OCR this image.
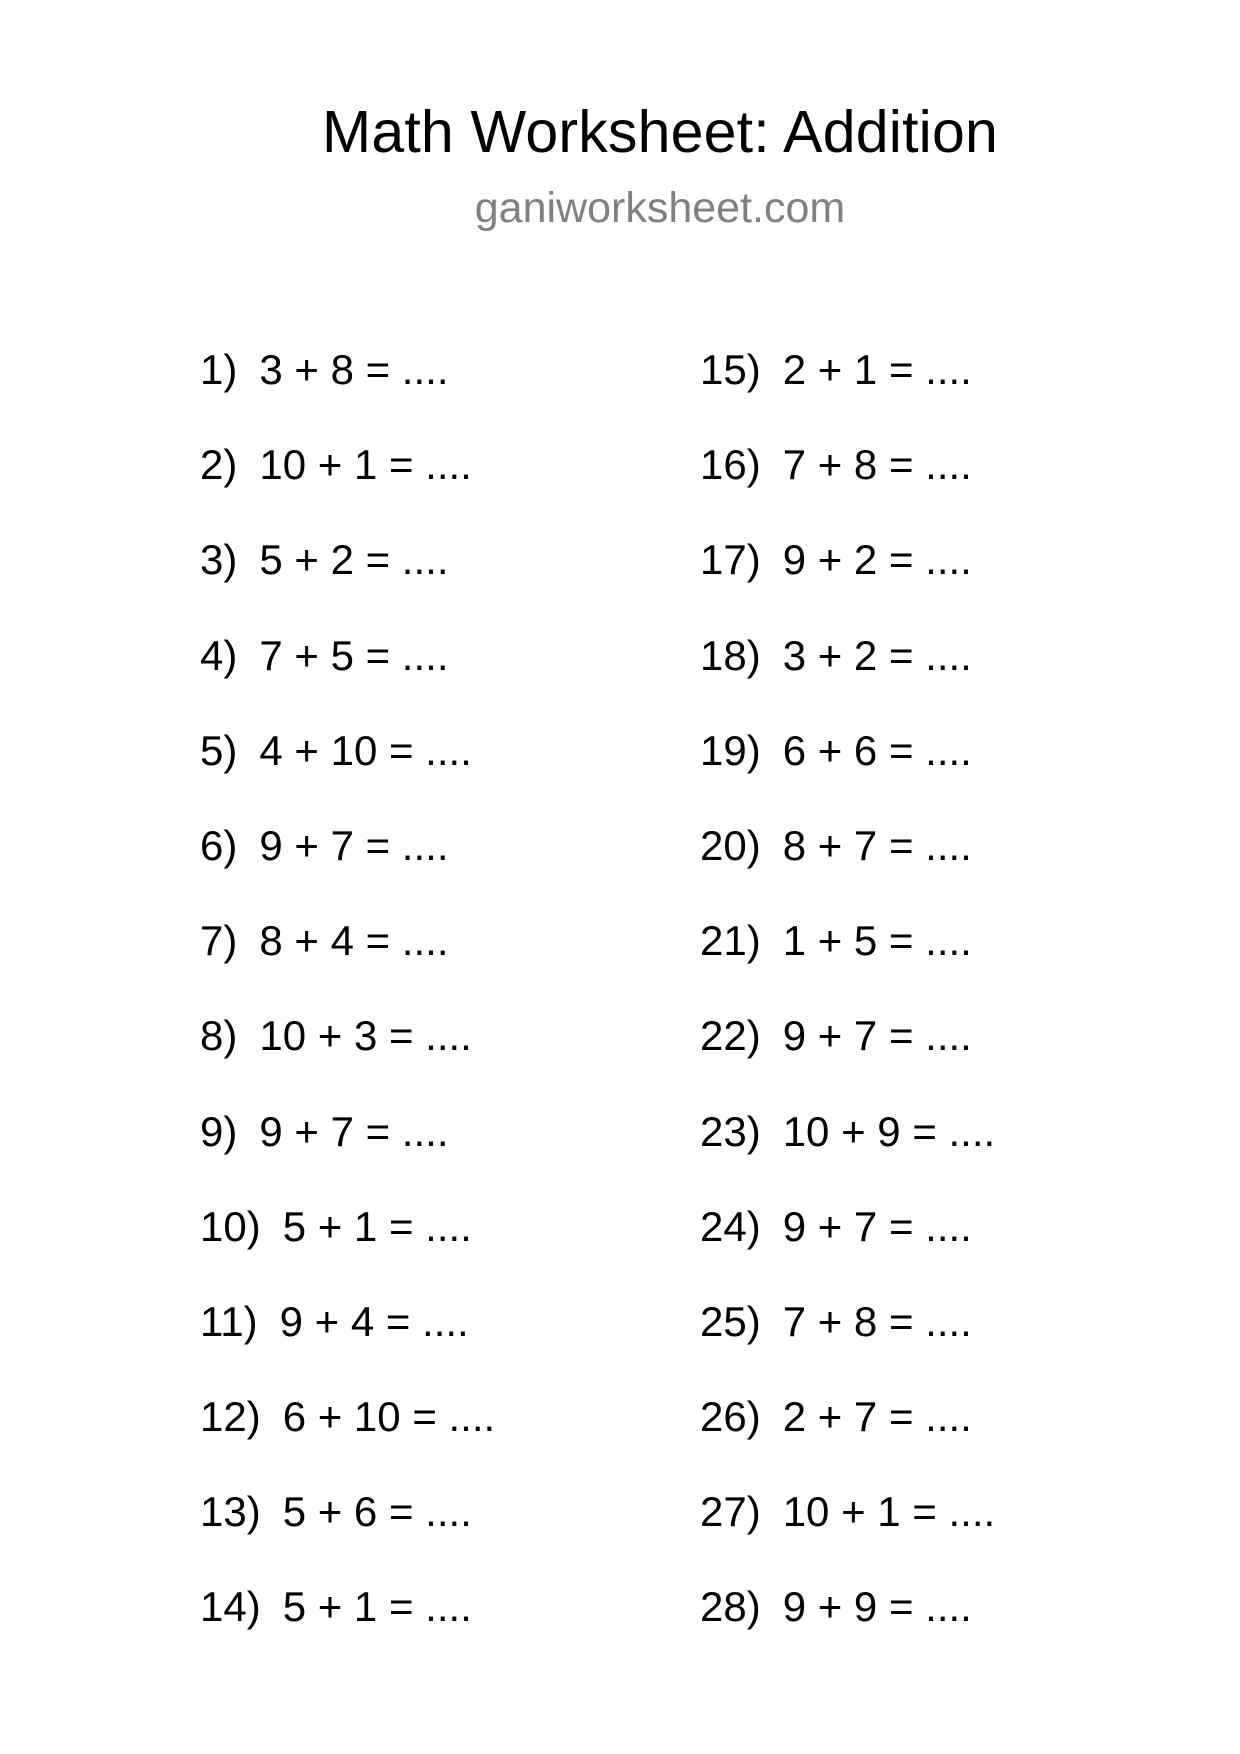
Math Worksheet: Addition
ganiworksheet.com
1) 3 + 8 = ....
2) 10 + 1 = ....
3) 5 + 2 = ....
4) 7 + 5 = ....
5) 4 + 10 = ....
6) 9 + 7 = ....
7) 8 + 4 = ....
8) 10 + 3 = ....
9) 9 + 7 = ....
10) 5 + 1 = ....
11) 9 + 4 = ....
12) 6 + 10 = ....
13) 5 + 6 = ....
14) 5 + 1 = ....
15) 2 + 1 = ....
16) 7 + 8 = ....
17) 9 + 2 = ....
18) 3 + 2 = ....
19) 6 + 6 = ....
20) 8 + 7 = ....
21) 1 + 5 = ....
22) 9 + 7 = ....
23) 10 + 9 = ....
24) 9 + 7 = ....
25) 7 + 8 = ....
26) 2 + 7 = ....
27) 10 + 1 = ....
28) 9 + 9 = ....
